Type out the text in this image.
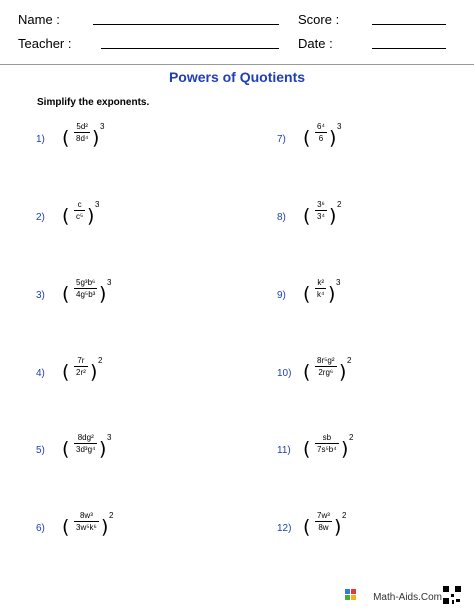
Name :
Teacher :
Score :
Date :
Powers of Quotients
Simplify the exponents.
1) (
5d²
8d⁴ )
3
2) (
c
c⁵ )
3
3) (
5g³b⁶
4g⁵b³ )
3
4) (
7r
2r² )
2
5) (
8dg²
3d³g⁴ )
3
6) (
8w³
3w⁵k⁶ )
2
7) (
6⁴
6 )
3
8) (
3⁶
3⁴ )
2
9) (
k²
k⁴ )
3
10) (
8r⁵g²
2rg⁶ )
2
11) (
sb
7s⁵b⁴ )
2
12) (
7w³
8w )
2
Math-Aids.Com
